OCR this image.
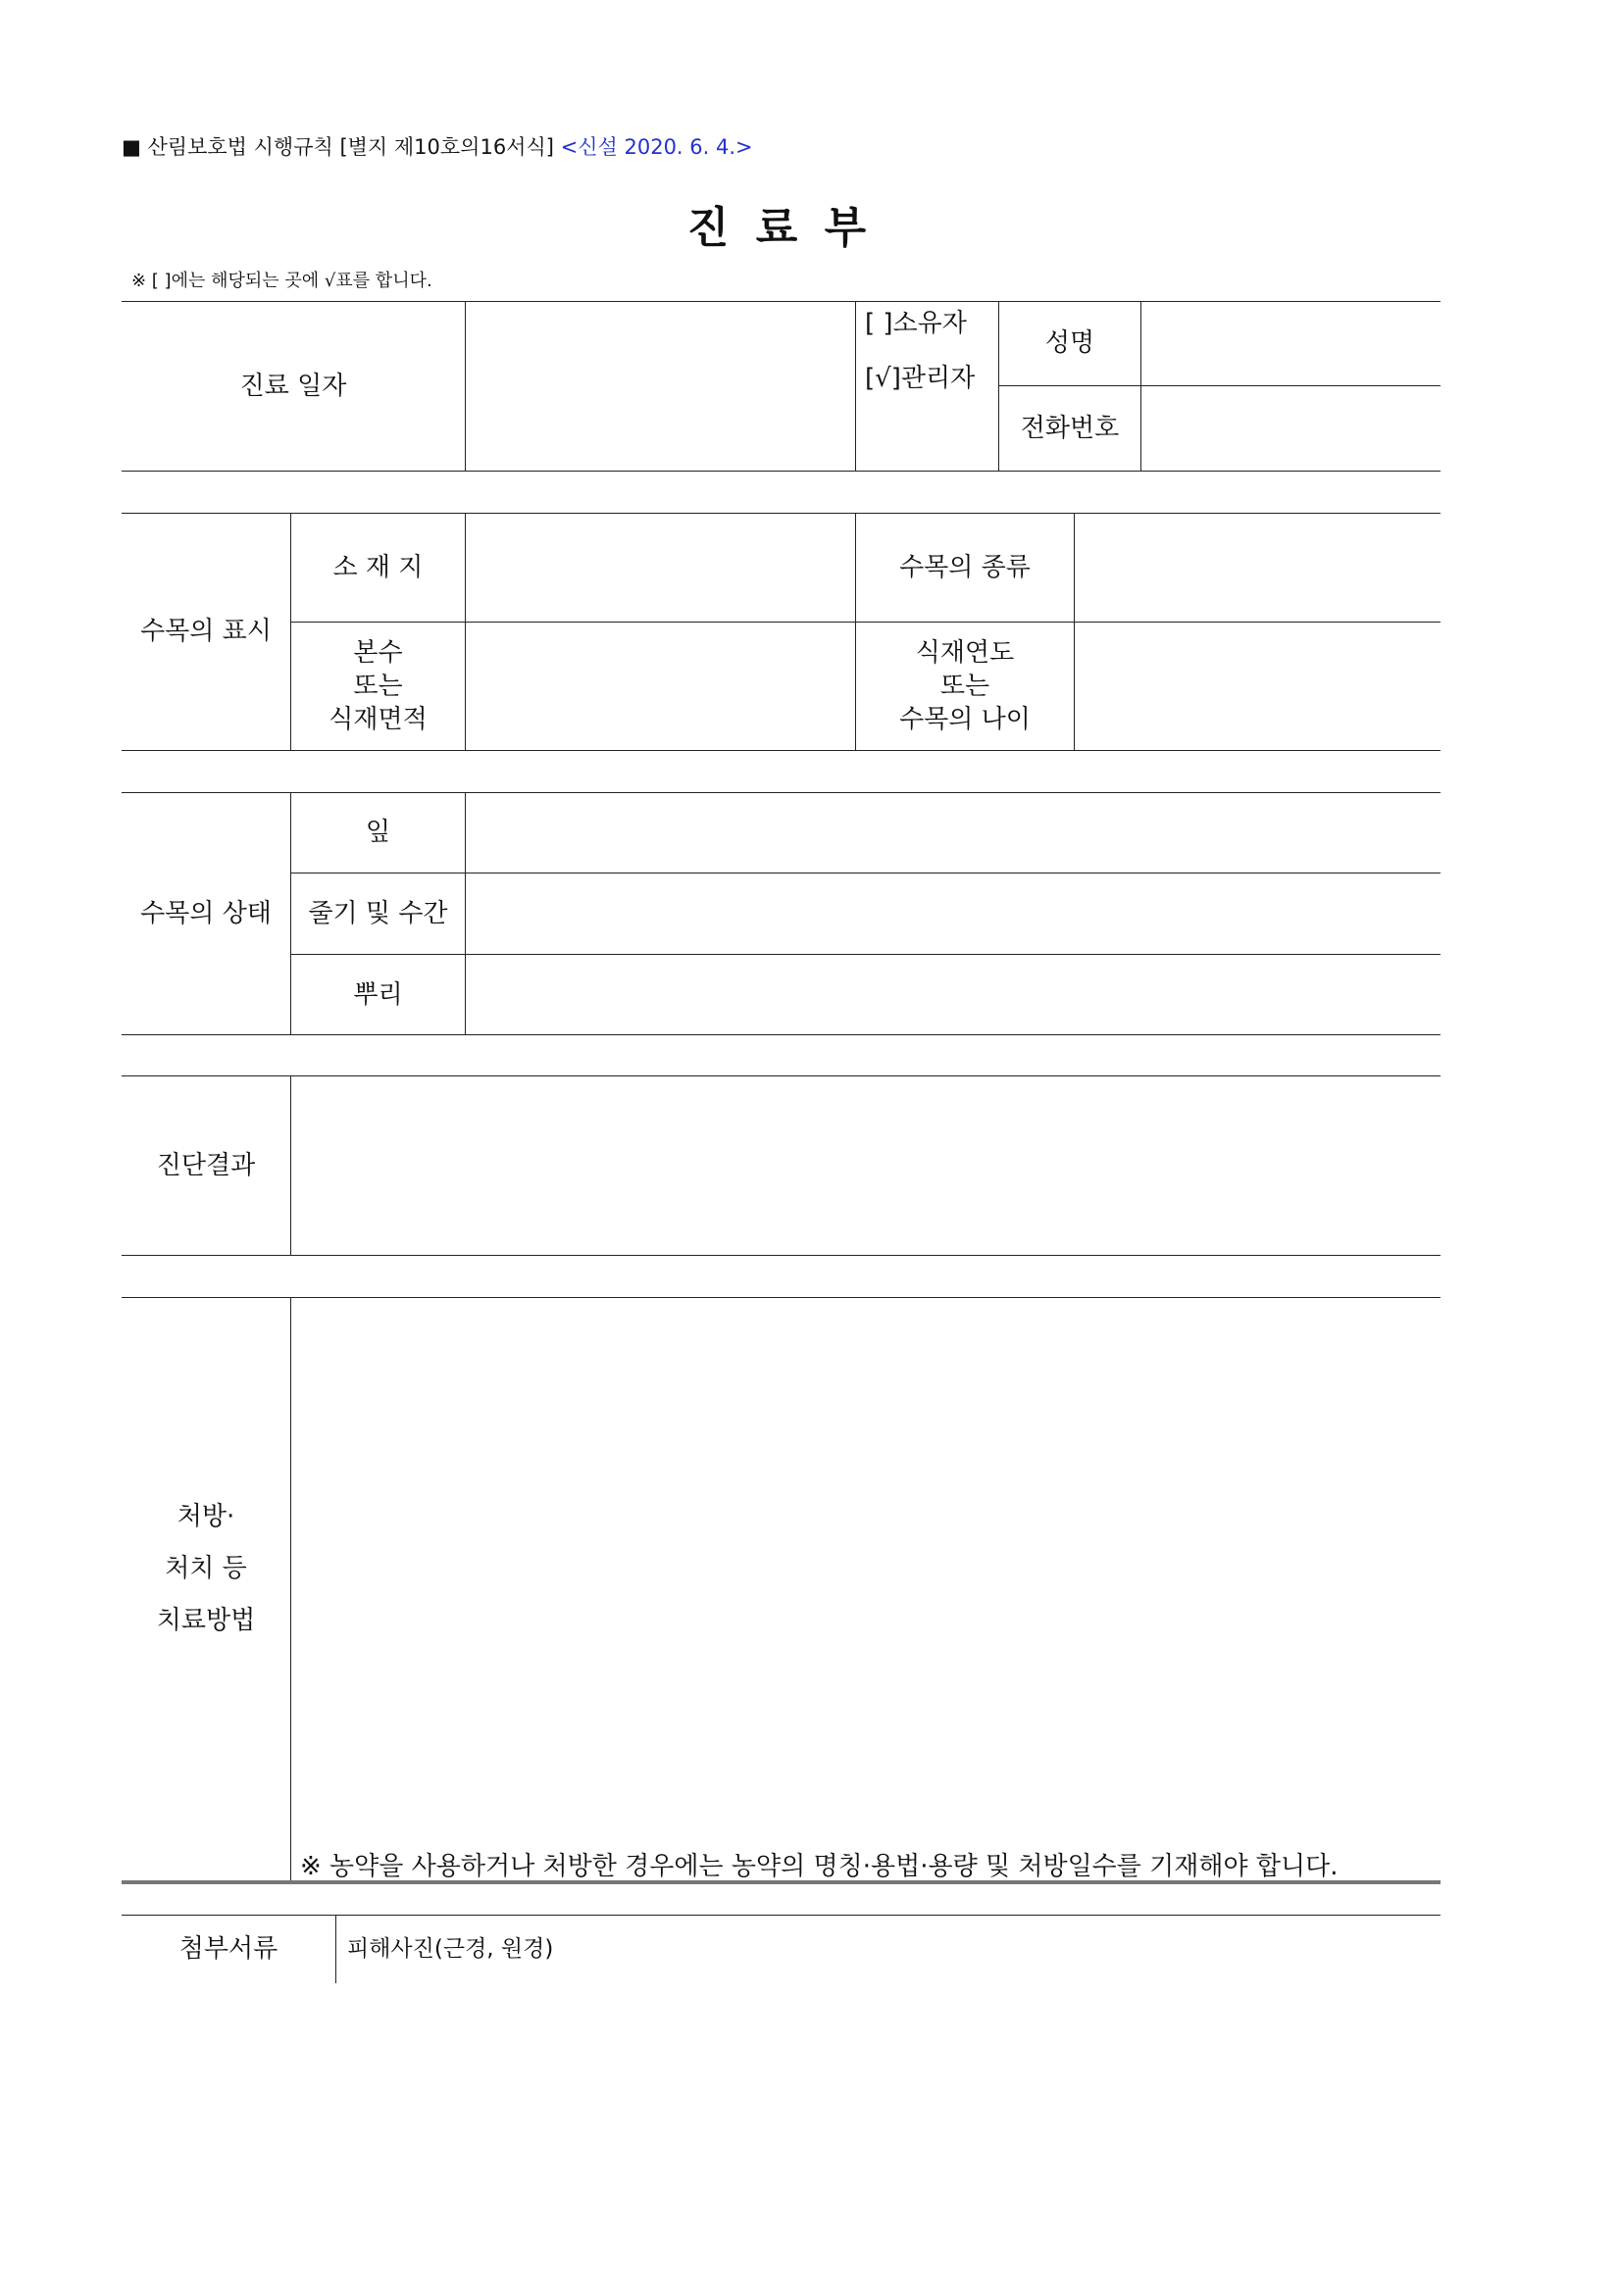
■ 산림보호법 시행규칙 [별지 제10호의16서식] <신설 2020. 6. 4.>
진 료 부
※ [ ]에는 해당되는 곳에 √표를 합니다.
진료 일자
[ ]소유자
[√]관리자
성명
전화번호
수목의 표시
소 재 지	수목의 종류
본수
또는
식재면적
식재연도
또는
수목의 나이
수목의 상태
잎
줄기 및 수간
뿌리
진단결과
처방·
처치 등
치료방법
※ 농약을 사용하거나 처방한 경우에는 농약의 명칭·용법·용량 및 처방일수를 기재해야 합니다.
첨부서류	피해사진(근경, 원경)
